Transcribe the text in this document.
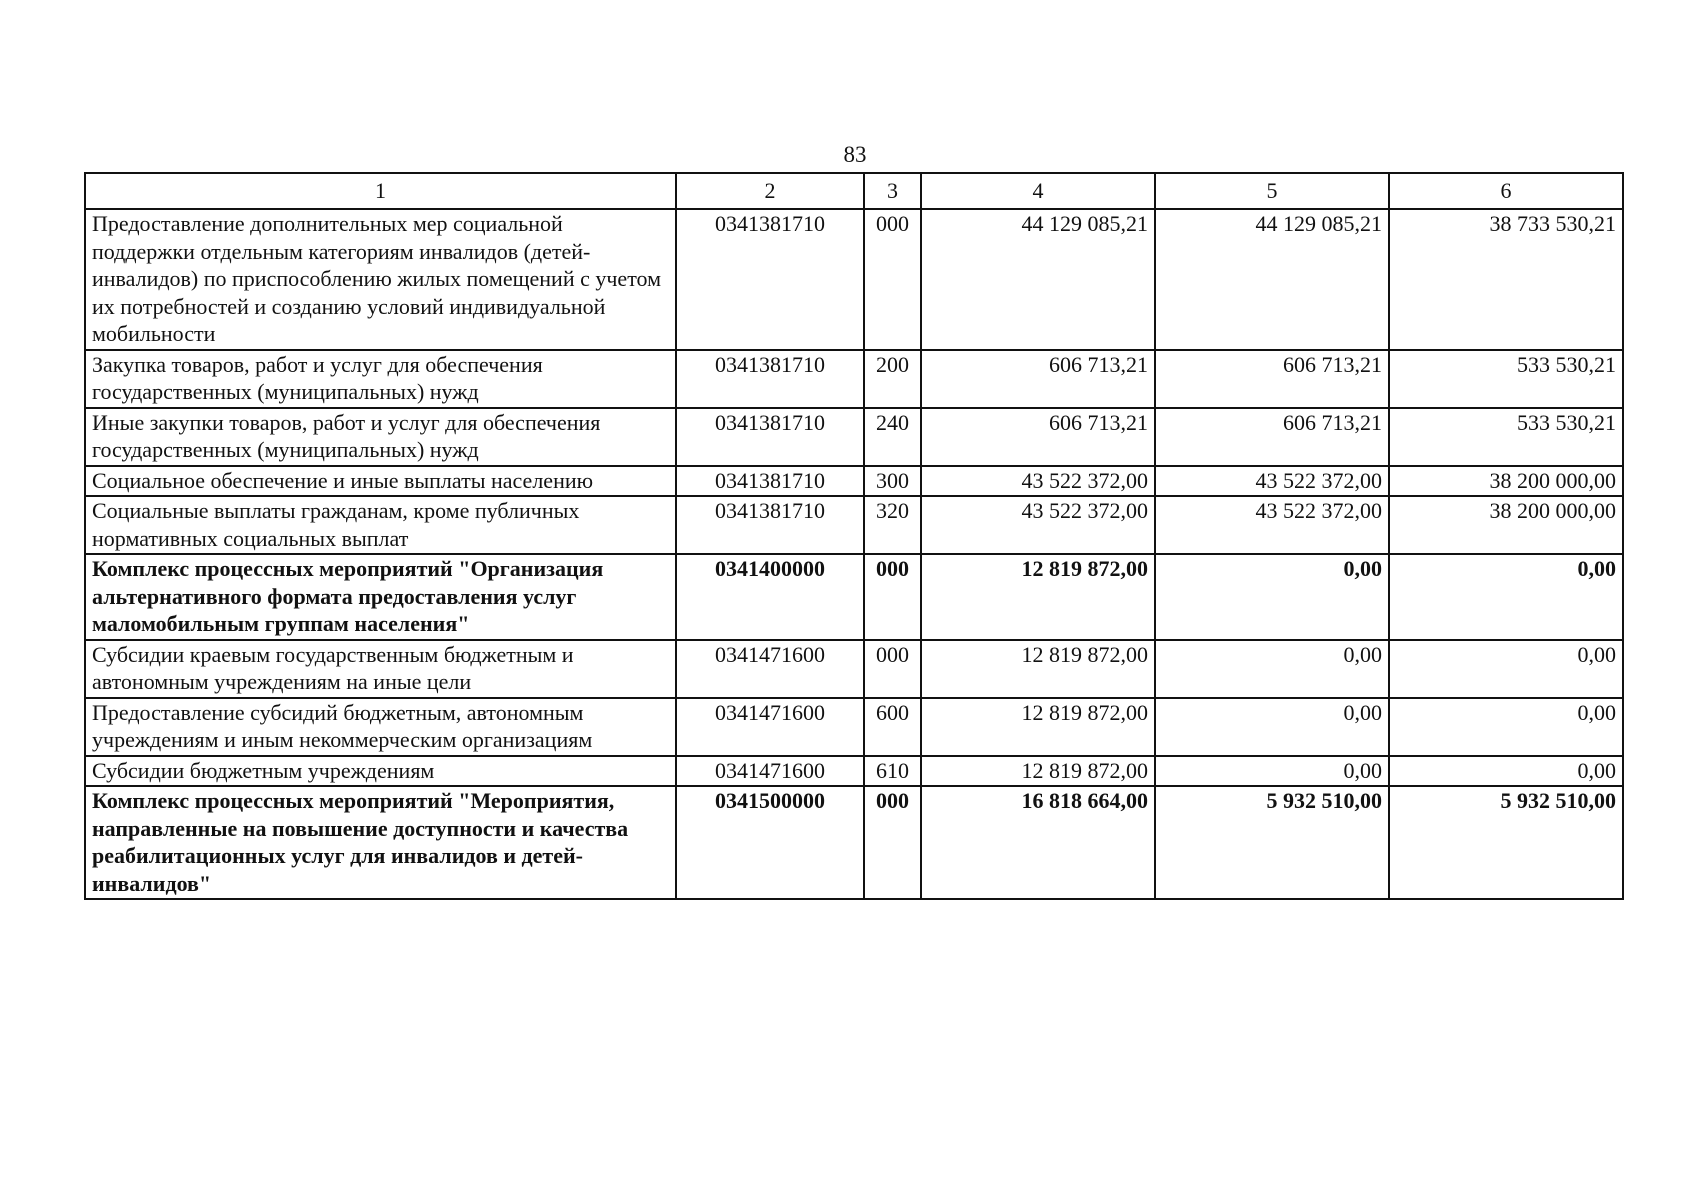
83
1	2	3	4	5	6
Предоставление дополнительных мер социальной поддержки отдельным категориям инвалидов (детей-инвалидов) по приспособлению жилых помещений с учетом их потребностей и созданию условий индивидуальной мобильности	0341381710	000	44 129 085,21	44 129 085,21	38 733 530,21
Закупка товаров, работ и услуг для обеспечения государственных (муниципальных) нужд	0341381710	200	606 713,21	606 713,21	533 530,21
Иные закупки товаров, работ и услуг для обеспечения государственных (муниципальных) нужд	0341381710	240	606 713,21	606 713,21	533 530,21
Социальное обеспечение и иные выплаты населению	0341381710	300	43 522 372,00	43 522 372,00	38 200 000,00
Социальные выплаты гражданам, кроме публичных нормативных социальных выплат	0341381710	320	43 522 372,00	43 522 372,00	38 200 000,00
Комплекс процессных мероприятий "Организация альтернативного формата предоставления услуг маломобильным группам населения"	0341400000	000	12 819 872,00	0,00	0,00
Субсидии краевым государственным бюджетным и автономным учреждениям на иные цели	0341471600	000	12 819 872,00	0,00	0,00
Предоставление субсидий бюджетным, автономным учреждениям и иным некоммерческим организациям	0341471600	600	12 819 872,00	0,00	0,00
Субсидии бюджетным учреждениям	0341471600	610	12 819 872,00	0,00	0,00
Комплекс процессных мероприятий "Мероприятия, направленные на повышение доступности и качества реабилитационных услуг для инвалидов и детей-инвалидов"	0341500000	000	16 818 664,00	5 932 510,00	5 932 510,00
